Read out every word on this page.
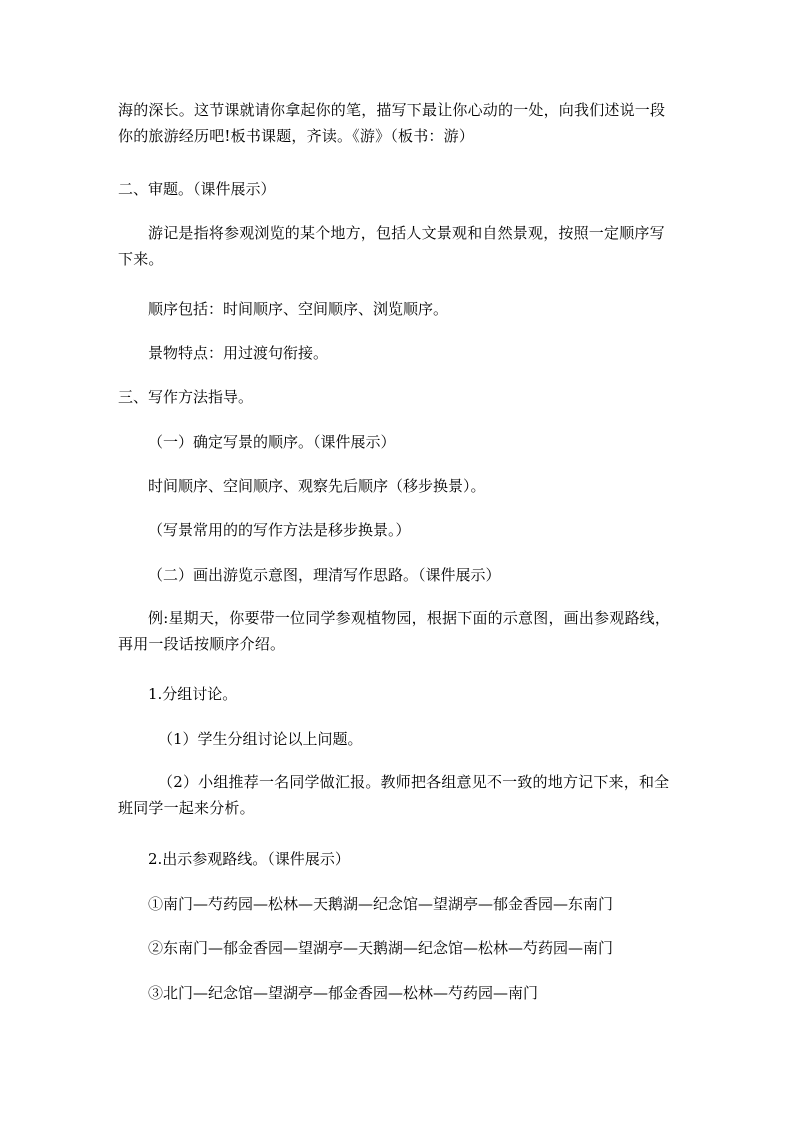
海的深长。这节课就请你拿起你的笔，描写下最让你心动的一处，向我们述说一段你的旅游经历吧!板书课题，齐读。《游》（板书：游）

二、审题。（课件展示）

游记是指将参观浏览的某个地方，包括人文景观和自然景观，按照一定顺序写下来。

顺序包括：时间顺序、空间顺序、浏览顺序。

景物特点：用过渡句衔接。

三、写作方法指导。

（一）确定写景的顺序。（课件展示）

时间顺序、空间顺序、观察先后顺序（移步换景）。

（写景常用的的写作方法是移步换景。）

（二）画出游览示意图，理清写作思路。（课件展示）

例:星期天，你要带一位同学参观植物园，根据下面的示意图，画出参观路线，再用一段话按顺序介绍。

1.分组讨论。

（1）学生分组讨论以上问题。

（2）小组推荐一名同学做汇报。教师把各组意见不一致的地方记下来，和全班同学一起来分析。

2.出示参观路线。（课件展示）

①南门—芍药园—松林—天鹅湖—纪念馆—望湖亭—郁金香园—东南门

②东南门—郁金香园—望湖亭—天鹅湖—纪念馆—松林—芍药园—南门

③北门—纪念馆—望湖亭—郁金香园—松林—芍药园—南门
